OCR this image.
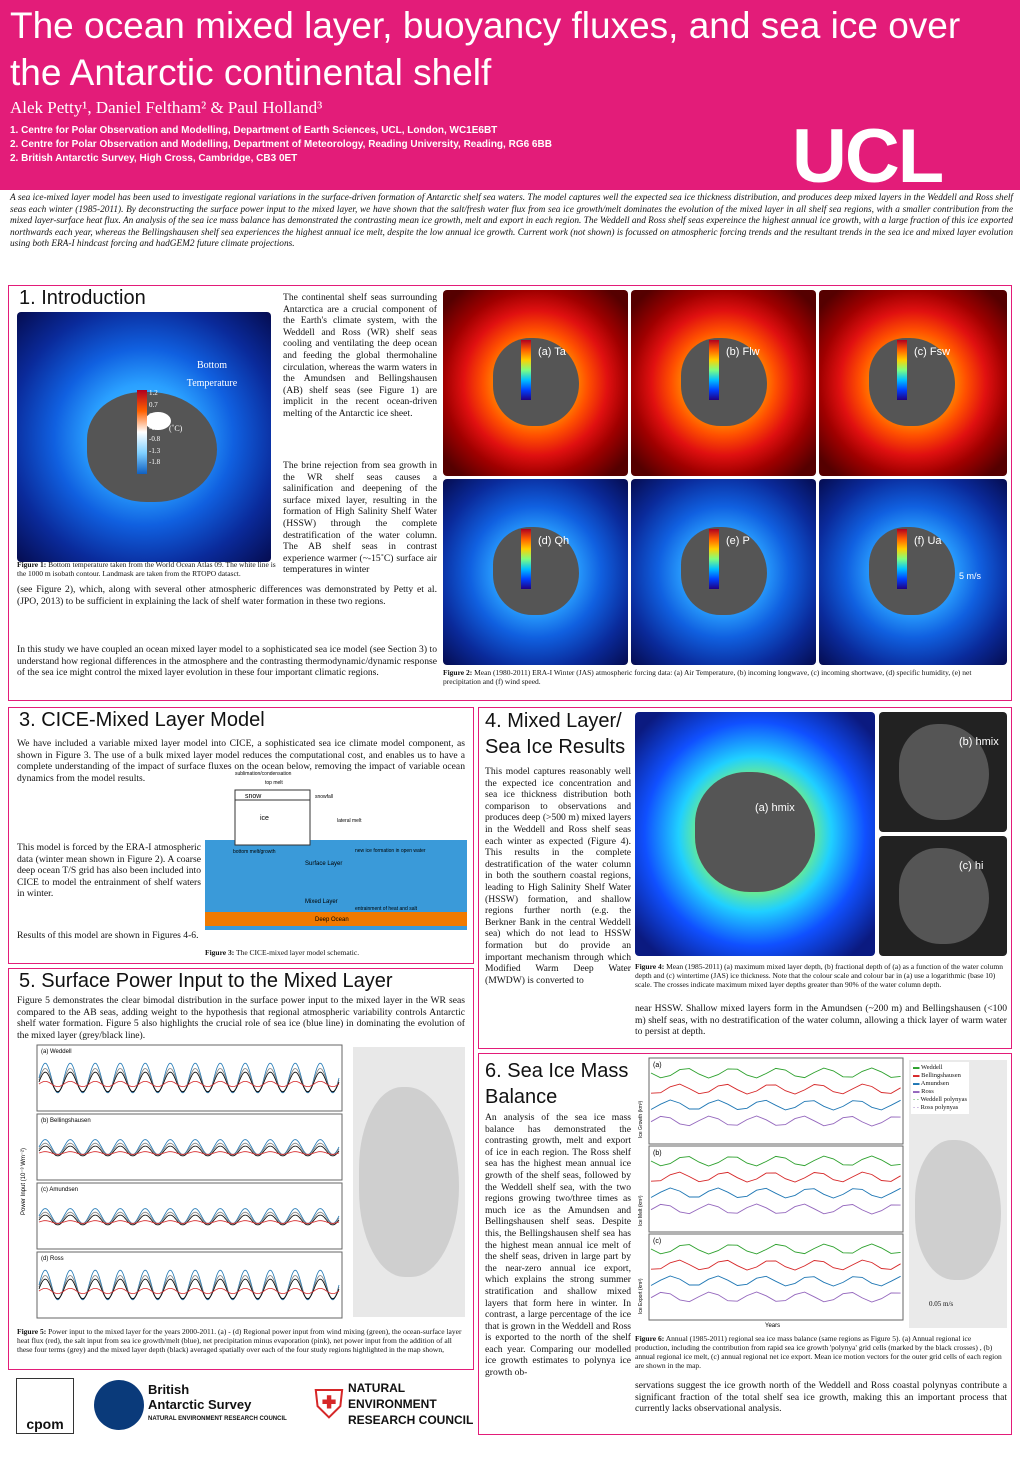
The ocean mixed layer, buoyancy fluxes, and sea ice over the Antarctic continental shelf
Alek Petty¹, Daniel Feltham² & Paul Holland³
1. Centre for Polar Observation and Modelling, Department of Earth Sciences, UCL, London, WC1E6BT
2. Centre for Polar Observation and Modelling, Department of Meteorology, Reading University, Reading, RG6 6BB
2. British Antarctic Survey, High Cross, Cambridge, CB3 0ET	UCL
A sea ice-mixed layer model has been used to investigate regional variations in the surface-driven formation of Antarctic shelf sea waters. The model captures well the expected sea ice thickness distribution, and produces deep mixed layers in the Weddell and Ross shelf seas each winter (1985-2011). By deconstructing the surface power input to the mixed layer, we have shown that the salt/fresh water flux from sea ice growth/melt dominates the evolution of the mixed layer in all shelf sea regions, with a smaller contribution from the mixed layer-surface heat flux. An analysis of the sea ice mass balance has demonstrated the contrasting mean ice growth, melt and export in each region. The Weddell and Ross shelf seas expereince the highest annual ice growth, with a large fraction of this ice exported northwards each year, whereas the Bellingshausen shelf sea experiences the highest annual ice melt, despite the low annual ice growth. Current work (not shown) is focussed on atmospheric forcing trends and the resultant trends in the sea ice and mixed layer evolution using both ERA-I hindcast forcing and hadGEM2 future climate projections.
1. Introduction
Bottom
Temperature
1.2
0.7
0.2
-0.3
-0.8
-1.3
-1.8
(˚C)
Figure 1: Bottom temperature taken from the World Ocean Atlas 09. The white line is the 1000 m isobath contour. Landmask are taken from the RTOPO datasct.
The continental shelf seas surrounding Antarctica are a crucial component of the Earth's climate system, with the Weddell and Ross (WR) shelf seas cooling and ventilating the deep ocean and feeding the global thermohaline circulation, whereas the warm waters in the Amundsen and Bellingshausen (AB) shelf seas (see Figure 1) are implicit in the recent ocean-driven melting of the Antarctic ice sheet.
The brine rejection from sea growth in the WR shelf seas causes a salinification and deepening of the surface mixed layer, resulting in the formation of High Salinity Shelf Water (HSSW) through the complete destratification of the water column. The AB shelf seas in contrast experience warmer (~-15˚C) surface air temperatures in winter
(see Figure 2), which, along with several other atmospheric differences was demonstrated by Petty et al. (JPO, 2013) to be sufficient in explaining the lack of shelf water formation in these two regions.
In this study we have coupled an ocean mixed layer model to a sophisticated sea ice model (see Section 3) to understand how regional differences in the atmosphere and the contrasting thermodynamic/dynamic response of the sea ice might control the mixed layer evolution in these four important climatic regions.
(a) Ta	(b) Flw	(c) Fsw
(d) Qh	(e) P	(f) Ua
5 m/s
Figure 2: Mean (1980-2011) ERA-I Winter (JAS) atmospheric forcing data: (a) Air Temperature, (b) incoming longwave, (c) incoming shortwave, (d) specific humidity, (e) net precipitation and (f) wind speed.
3. CICE-Mixed Layer Model
We have included a variable mixed layer model into CICE, a sophisticated sea ice climate model component, as shown in Figure 3. The use of a bulk mixed layer model reduces the computational cost, and enables us to have a complete understanding of the impact of surface fluxes on the ocean below, removing the impact of variable ocean dynamics from the model results.
This model is forced by the ERA-I atmospheric data (winter mean shown in Figure 2). A coarse deep ocean T/S grid has also been included into CICE to model the entrainment of shelf waters in winter.
Results of this model are shown in Figures 4-6.
snow
ice
sublimation/condensation
top melt
snowfall
lateral melt
bottom melt/growth	new ice formation in open water
Surface Layer
Mixed Layer
entrainment of heat and salt
Deep Ocean
Figure 3: The CICE-mixed layer model schematic.
5. Surface Power Input to the Mixed Layer
Figure 5 demonstrates the clear bimodal distribution in the surface power input to the mixed layer in the WR seas compared to the AB seas, adding weight to the hypothesis that regional atmospheric variability controls Antarctic shelf water formation. Figure 5 also highlights the crucial role of sea ice (blue line) in dominating the evolution of the mixed layer (grey/black line).
(a) Weddell
(b) Bellingshausen
(c) Amundsen
(d) Ross
Power Input (10⁻³ Wm⁻²)
Figure 5: Power input to the mixed layer for the years 2000-2011. (a) - (d) Regional power input from wind mixing (green), the ocean-surface layer heat flux (red), the salt input from sea ice growth/melt (blue), net precipitation minus evaporation (pink), net power input from the addition of all these four terms (grey) and the mixed layer depth (black) averaged spatially over each of the four study regions highlighted in the map shown,
4. Mixed Layer/
Sea Ice Results
This model captures reasonably well the expected ice concentration and sea ice thickness distribution both comparison to observations and produces deep (>500 m) mixed layers in the Weddell and Ross shelf seas each winter as expected (Figure 4). This results in the complete destratification of the water column in both the southern coastal regions, leading to High Salinity Shelf Water (HSSW) formation, and shallow regions further north (e.g. the Berkner Bank in the central Weddell sea) which do not lead to HSSW formation but do provide an important mechanism through which Modified Warm Deep Water (MWDW) is converted to
(a) hmix
(b) hmix
(c) hi
Figure 4: Mean (1985-2011) (a) maximum mixed layer depth, (b) fractional depth of (a) as a function of the water column depth and (c) wintertime (JAS) ice thickness. Note that the colour scale and colour bar in (a) use a logarithmic (base 10) scale. The crosses indicate maximum mixed layer depths greater than 90% of the water column depth.
near HSSW. Shallow mixed layers form in the Amundsen (~200 m) and Bellingshausen (<100 m) shelf seas, with no destratification of the water column, allowing a thick layer of warm water to persist at depth.
6. Sea Ice Mass
Balance
An analysis of the sea ice mass balance has demonstrated the contrasting growth, melt and export of ice in each region. The Ross shelf sea has the highest mean annual ice growth of the shelf seas, followed by the Weddell shelf sea, with the two regions growing two/three times as much ice as the Amundsen and Bellingshausen shelf seas. Despite this, the Bellingshausen shelf sea has the highest mean annual ice melt of the shelf seas, driven in large part by the near-zero annual ice export, which explains the strong summer stratification and shallow mixed layers that form here in winter. In contrast, a large percentage of the ice that is grown in the Weddell and Ross is exported to the north of the shelf each year. Comparing our modelled ice growth estimates to polynya ice growth ob-
(a)
Ice Growth (km³)
(b)
Ice Melt (km³)
(c)
Ice Export (km³)
Years
0.05 m/s
▬ Weddell
▬ Bellingshausen
▬ Amundsen
▬ Ross
- - Weddell polynyas
- - Ross polynyas
Figure 6: Annual (1985-2011) regional sea ice mass balance (same regions as Figure 5). (a) Annual regional ice production, including the contribution from rapid sea ice growth 'polynya' grid cells (marked by the black crosses) , (b) annual regional ice melt, (c) annual regional net ice export. Mean ice motion vectors for the outer grid cells of each region are shown in the map.
servations suggest the ice growth north of the Weddell and Ross coastal polynyas contribute a significant fraction of the total shelf sea ice growth, making this an important process that currently lacks observational analysis.
cpom
British
Antarctic Survey
NATURAL ENVIRONMENT RESEARCH COUNCIL ⛨ NATURAL
ENVIRONMENT
RESEARCH COUNCIL
